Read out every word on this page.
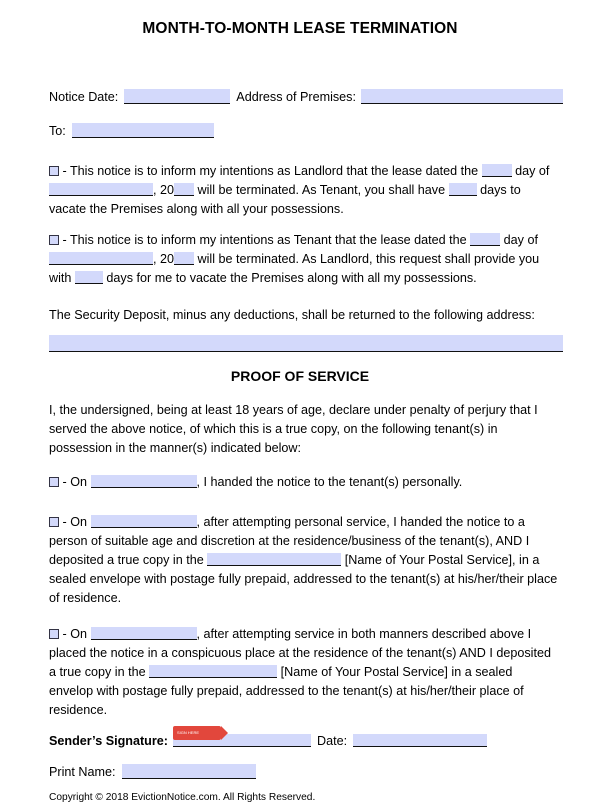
MONTH-TO-MONTH LEASE TERMINATION
Notice Date:	Address of Premises:
To:
- This notice is to inform my intentions as Landlord that the lease dated the	day of
, 20 will be terminated. As Tenant, you shall have	days to
vacate the Premises along with all your possessions.
- This notice is to inform my intentions as Tenant that the lease dated the	day of
, 20 will be terminated. As Landlord, this request shall provide you
with	days for me to vacate the Premises along with all my possessions.
The Security Deposit, minus any deductions, shall be returned to the following address:
PROOF OF SERVICE
I, the undersigned, being at least 18 years of age, declare under penalty of perjury that I
served the above notice, of which this is a true copy, on the following tenant(s) in
possession in the manner(s) indicated below:
- On	, I handed the notice to the tenant(s) personally.
- On	, after attempting personal service, I handed the notice to a
person of suitable age and discretion at the residence/business of the tenant(s), AND I
deposited a true copy in the	[Name of Your Postal Service], in a
sealed envelope with postage fully prepaid, addressed to the tenant(s) at his/her/their place
of residence.
- On	, after attempting service in both manners described above I
placed the notice in a conspicuous place at the residence of the tenant(s) AND I deposited
a true copy in the	[Name of Your Postal Service] in a sealed
envelop with postage fully prepaid, addressed to the tenant(s) at his/her/their place of
residence.
Sender’s Signature:	Date:
SIGN HERE
Print Name:
Copyright © 2018 EvictionNotice.com. All Rights Reserved.
